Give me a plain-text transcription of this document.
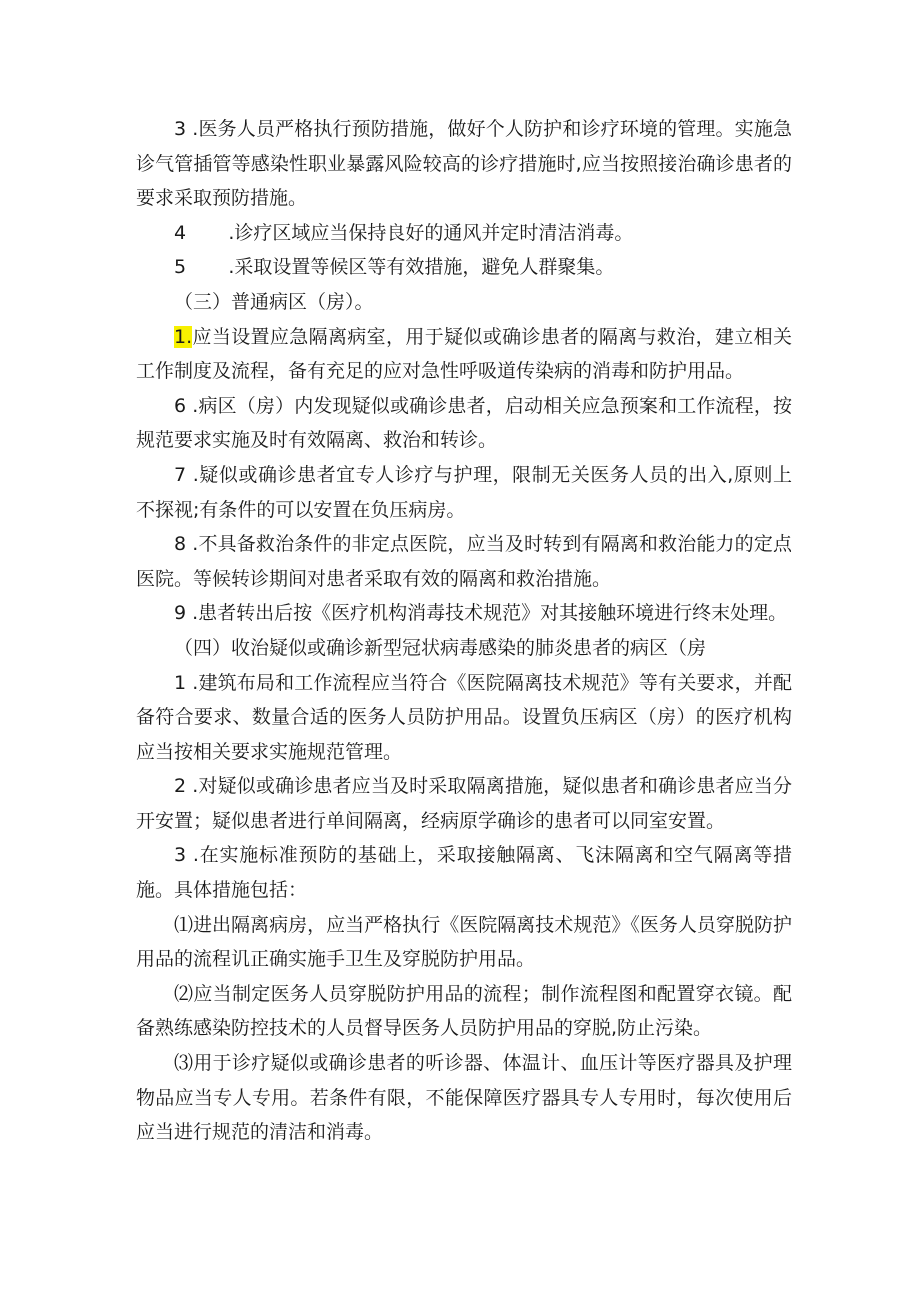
3 .医务人员严格执行预防措施，做好个人防护和诊疗环境的管理。实施急诊气管插管等感染性职业暴露风险较高的诊疗措施时,应当按照接治确诊患者的要求采取预防措施。

4       .诊疗区域应当保持良好的通风并定时清洁消毒。

5       .采取设置等候区等有效措施，避免人群聚集。

（三）普通病区（房）。

1.应当设置应急隔离病室，用于疑似或确诊患者的隔离与救治，建立相关工作制度及流程，备有充足的应对急性呼吸道传染病的消毒和防护用品。

6 .病区（房）内发现疑似或确诊患者，启动相关应急预案和工作流程，按规范要求实施及时有效隔离、救治和转诊。

7 .疑似或确诊患者宜专人诊疗与护理，限制无关医务人员的出入,原则上不探视;有条件的可以安置在负压病房。

8 .不具备救治条件的非定点医院，应当及时转到有隔离和救治能力的定点医院。等候转诊期间对患者采取有效的隔离和救治措施。

9 .患者转出后按《医疗机构消毒技术规范》对其接触环境进行终末处理。

（四）收治疑似或确诊新型冠状病毒感染的肺炎患者的病区（房

1 .建筑布局和工作流程应当符合《医院隔离技术规范》等有关要求，并配备符合要求、数量合适的医务人员防护用品。设置负压病区（房）的医疗机构应当按相关要求实施规范管理。

2 .对疑似或确诊患者应当及时采取隔离措施，疑似患者和确诊患者应当分开安置；疑似患者进行单间隔离，经病原学确诊的患者可以同室安置。

3 .在实施标准预防的基础上，采取接触隔离、飞沫隔离和空气隔离等措施。具体措施包括：

⑴进出隔离病房，应当严格执行《医院隔离技术规范》《医务人员穿脱防护用品的流程讥正确实施手卫生及穿脱防护用品。

⑵应当制定医务人员穿脱防护用品的流程；制作流程图和配置穿衣镜。配备熟练感染防控技术的人员督导医务人员防护用品的穿脱,防止污染。

⑶用于诊疗疑似或确诊患者的听诊器、体温计、血压计等医疗器具及护理物品应当专人专用。若条件有限，不能保障医疗器具专人专用时，每次使用后应当进行规范的清洁和消毒。
